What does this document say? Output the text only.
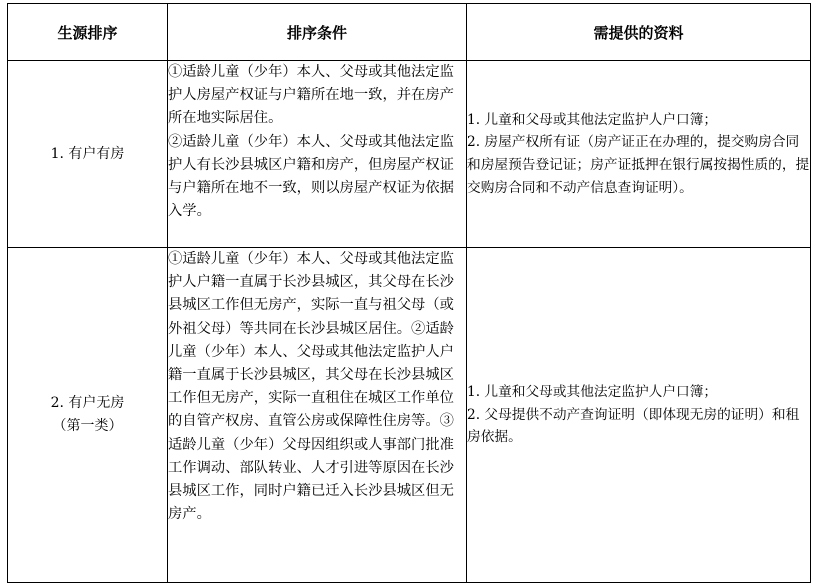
生源排序	排序条件	需提供的资料

1. 有户有房	①适龄儿童（少年）本人、父母或其他法定监护人房屋产权证与户籍所在地一致，并在房产所在地实际居住。
②适龄儿童（少年）本人、父母或其他法定监护人有长沙县城区户籍和房产，但房屋产权证与户籍所在地不一致，则以房屋产权证为依据入学。	1. 儿童和父母或其他法定监护人户口簿；
2. 房屋产权所有证（房产证正在办理的，提交购房合同和房屋预告登记证；房产证抵押在银行属按揭性质的，提交购房合同和不动产信息查询证明）。

2. 有户无房
（第一类）	①适龄儿童（少年）本人、父母或其他法定监护人户籍一直属于长沙县城区，其父母在长沙县城区工作但无房产，实际一直与祖父母（或外祖父母）等共同在长沙县城区居住。②适龄儿童（少年）本人、父母或其他法定监护人户籍一直属于长沙县城区，其父母在长沙县城区工作但无房产，实际一直租住在城区工作单位的自管产权房、直管公房或保障性住房等。③适龄儿童（少年）父母因组织或人事部门批准工作调动、部队转业、人才引进等原因在长沙县城区工作，同时户籍已迁入长沙县城区但无房产。	1. 儿童和父母或其他法定监护人户口簿；
2. 父母提供不动产查询证明（即体现无房的证明）和租房依据。
